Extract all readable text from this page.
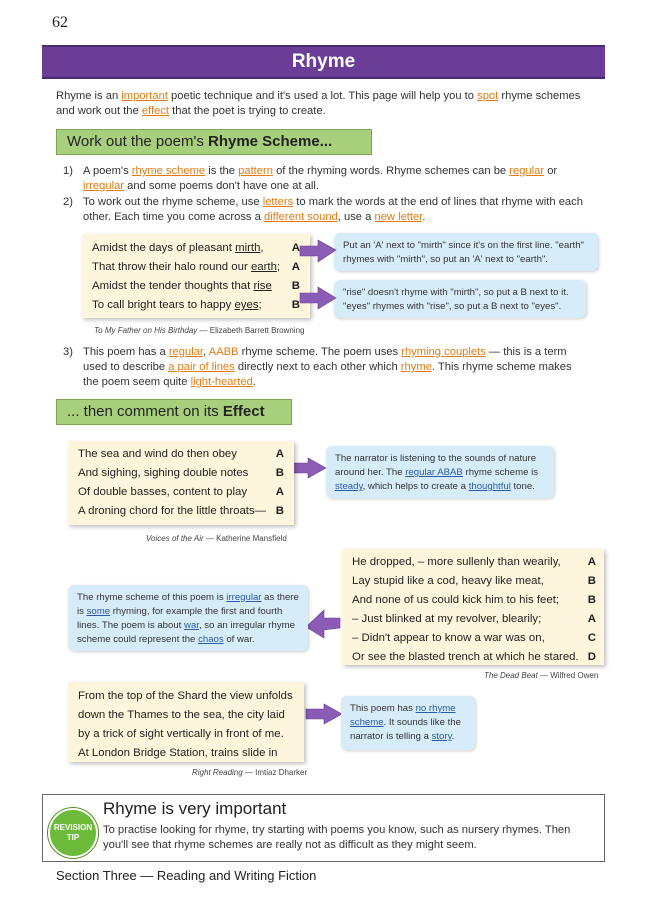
62
Rhyme
Rhyme is an important poetic technique and it's used a lot. This page will help you to spot rhyme schemes and work out the effect that the poet is trying to create.
Work out the poem's Rhyme Scheme...
1) A poem's rhyme scheme is the pattern of the rhyming words. Rhyme schemes can be regular or irregular and some poems don't have one at all.
2) To work out the rhyme scheme, use letters to mark the words at the end of lines that rhyme with each other. Each time you come across a different sound, use a new letter.
Amidst the days of pleasant mirth, A
That throw their halo round our earth; A
Amidst the tender thoughts that rise B
To call bright tears to happy eyes;	B
To My Father on His Birthday — Elizabeth Barrett Browning
Put an 'A' next to "mirth" since it's on the first line. "earth" rhymes with "mirth", so put an 'A' next to "earth".
"rise" doesn't rhyme with "mirth", so put a B next to it. "eyes" rhymes with "rise", so put a B next to "eyes".
3) This poem has a regular, AABB rhyme scheme. The poem uses rhyming couplets — this is a term used to describe a pair of lines directly next to each other which rhyme. This rhyme scheme makes the poem seem quite light-hearted.
... then comment on its Effect
The sea and wind do then obey	A
And sighing, sighing double notes B
Of double basses, content to play	A
A droning chord for the little throats— B
Voices of the Air — Katherine Mansfield
The narrator is listening to the sounds of nature around her. The regular ABAB rhyme scheme is steady, which helps to create a thoughtful tone.
He dropped, – more sullenly than wearily, A
Lay stupid like a cod, heavy like meat,	B
And none of us could kick him to his feet;	B
– Just blinked at my revolver, blearily;	A
– Didn't appear to know a war was on,	C
Or see the blasted trench at which he stared. D
The Dead Beat — Wilfred Owen
The rhyme scheme of this poem is irregular as there is some rhyming, for example the first and fourth lines. The poem is about war, so an irregular rhyme scheme could represent the chaos of war.
From the top of the Shard the view unfolds
down the Thames to the sea, the city laid
by a trick of sight vertically in front of me.
At London Bridge Station, trains slide in
Right Reading — Imtiaz Dharker
This poem has no rhyme scheme. It sounds like the narrator is telling a story.
REVISION
TIP
Rhyme is very important
To practise looking for rhyme, try starting with poems you know, such as nursery rhymes. Then you'll see that rhyme schemes are really not as difficult as they might seem.
Section Three — Reading and Writing Fiction
